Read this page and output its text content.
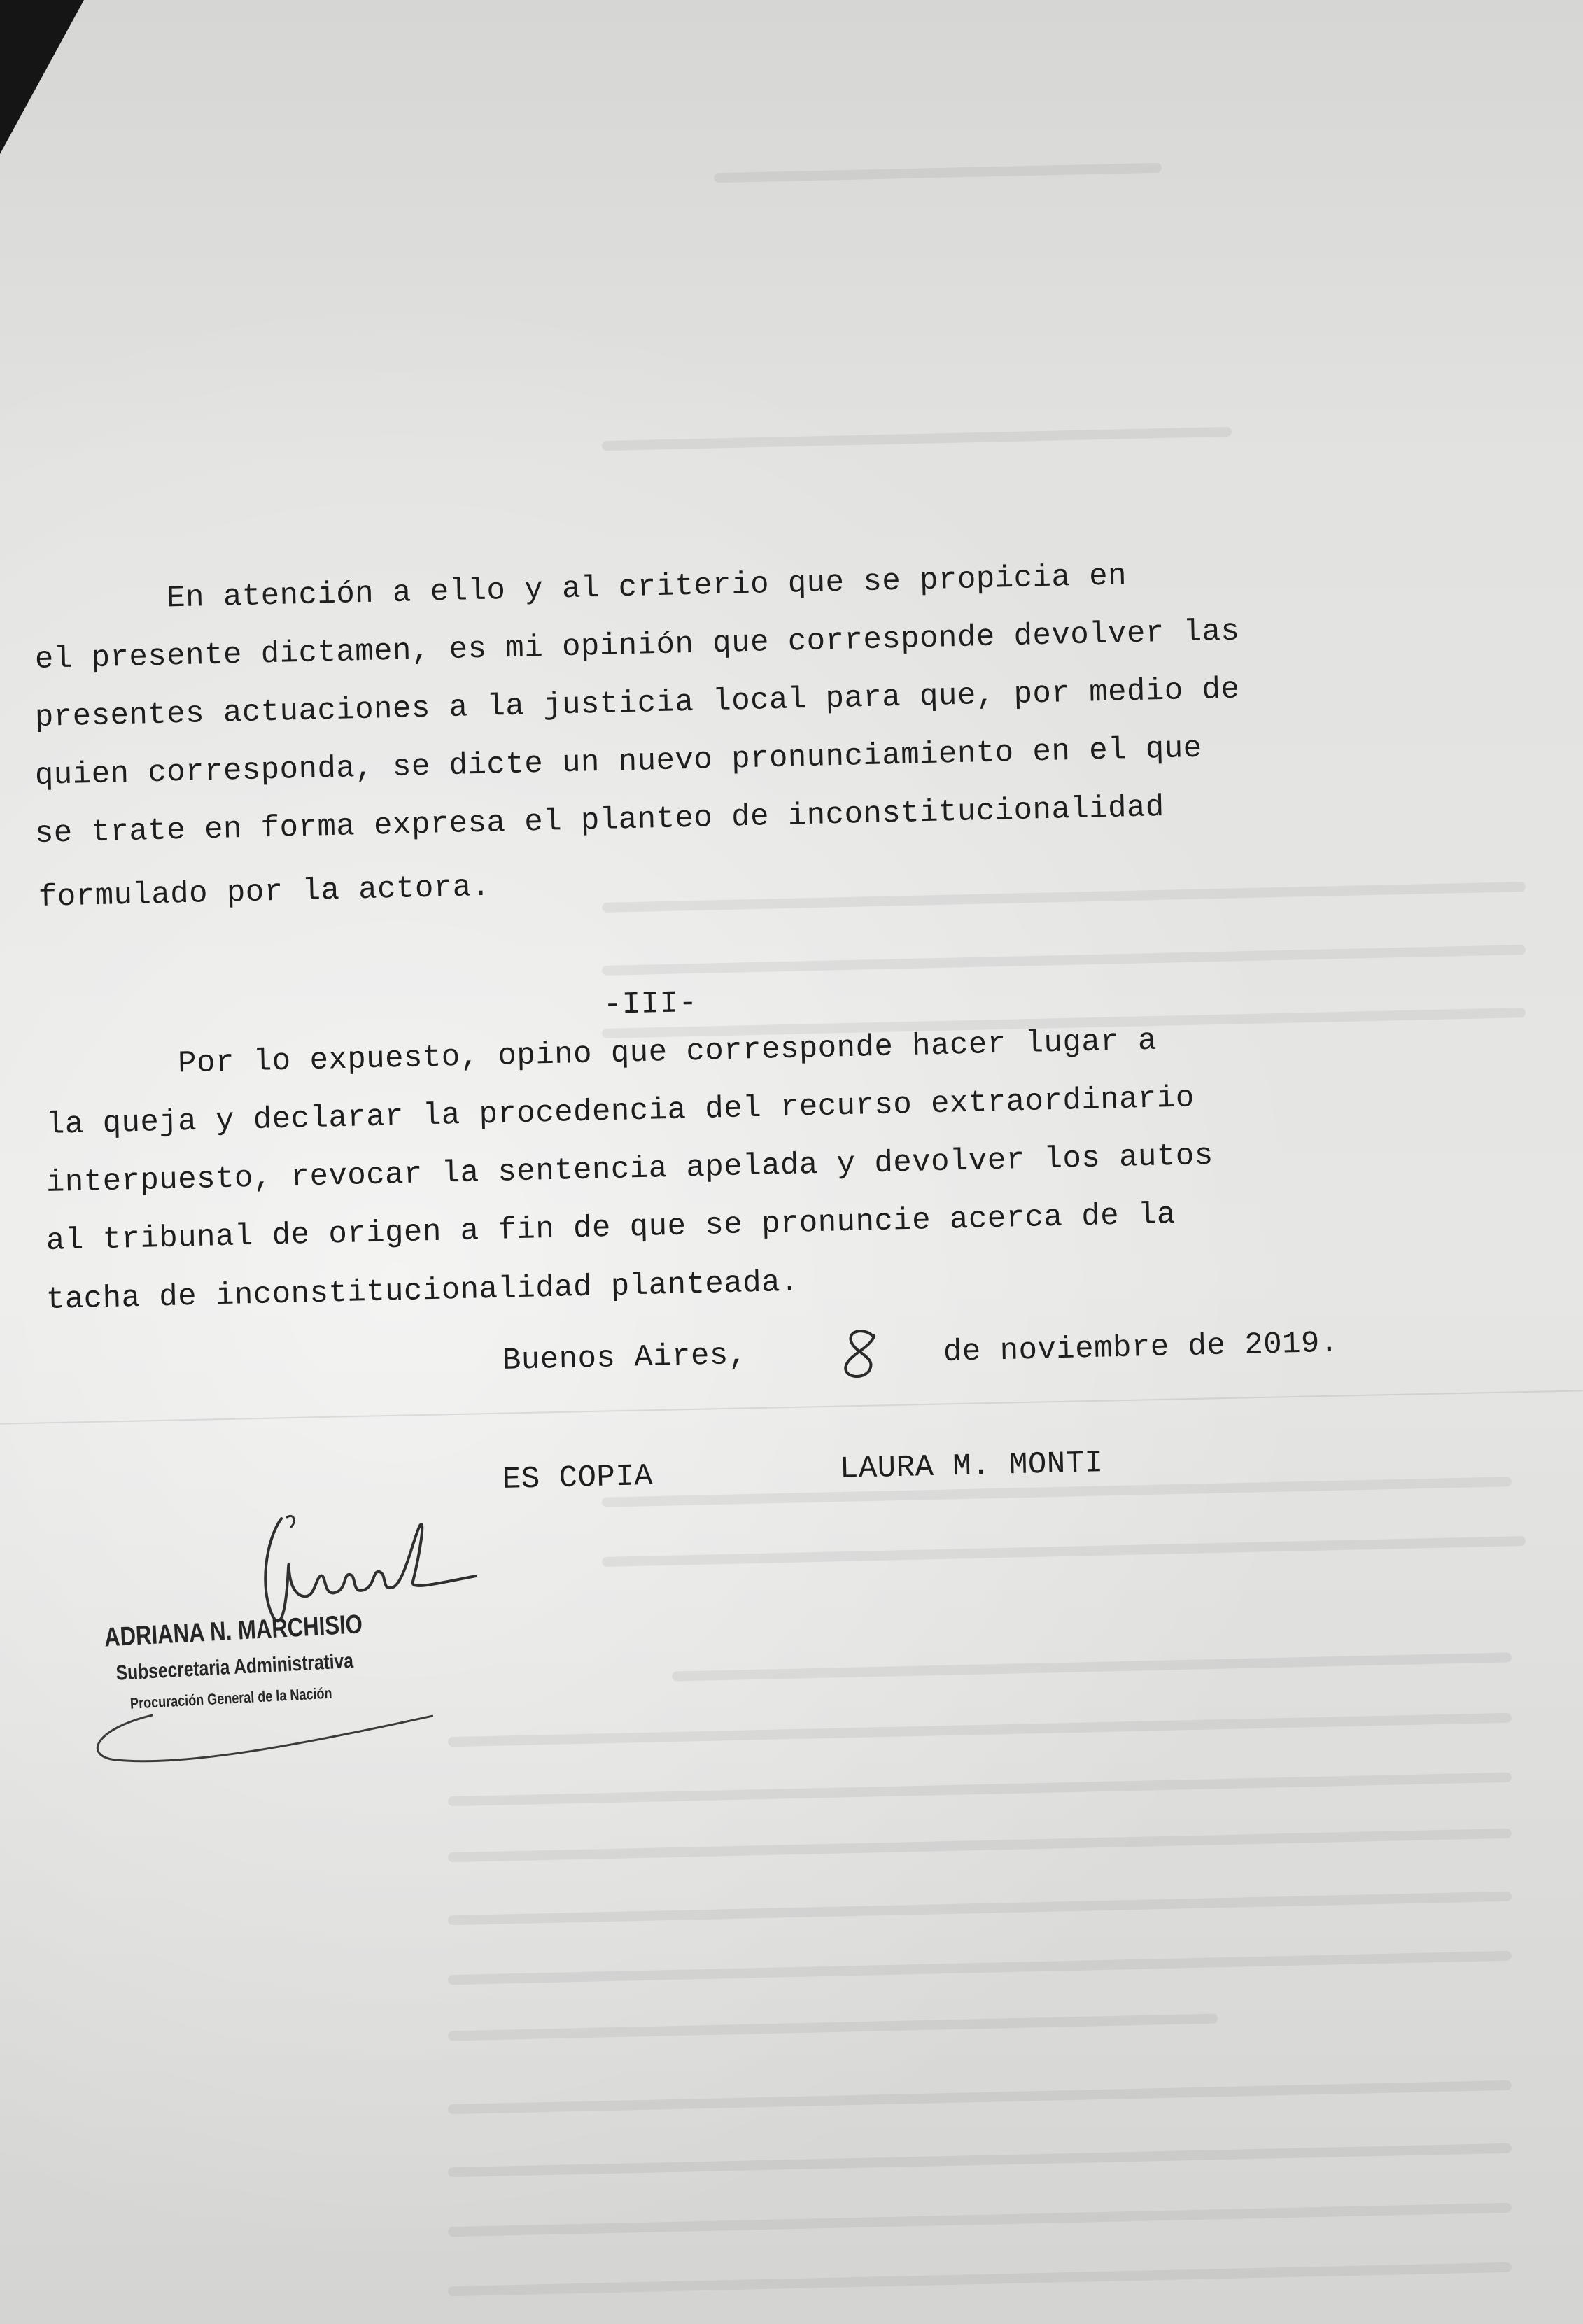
En atención a ello y al criterio que se propicia en
el presente dictamen, es mi opinión que corresponde devolver las
presentes actuaciones a la justicia local para que, por medio de
quien corresponda, se dicte un nuevo pronunciamiento en el que
se trate en forma expresa el planteo de inconstitucionalidad
formulado por la actora.
-III-
Por lo expuesto, opino que corresponde hacer lugar a
la queja y declarar la procedencia del recurso extraordinario
interpuesto, revocar la sentencia apelada y devolver los autos
al tribunal de origen a fin de que se pronuncie acerca de la
tacha de inconstitucionalidad planteada.
Buenos Aires,	de noviembre de 2019.
ES COPIA	LAURA M. MONTI
ADRIANA N. MARCHISIO
Subsecretaria Administrativa
Procuración General de la Nación
